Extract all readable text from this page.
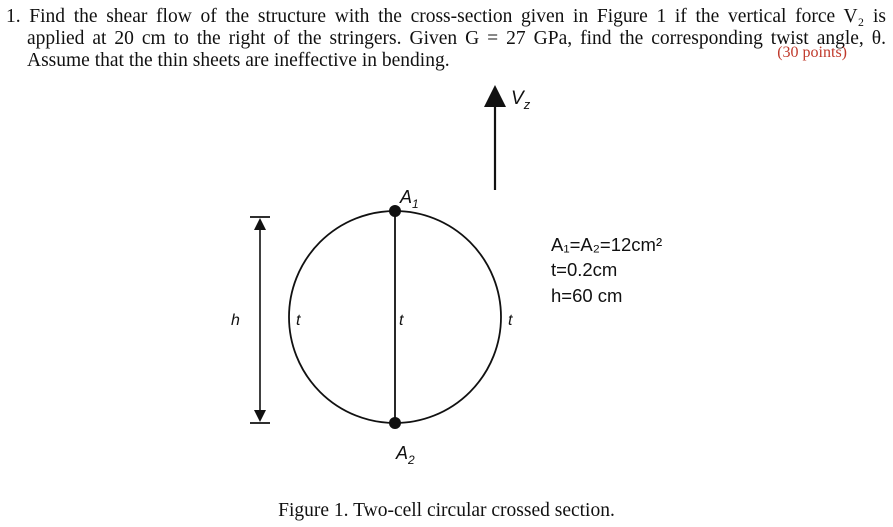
1. Find the shear flow of the structure with the cross-section given in Figure 1 if the vertical force V₂ is
applied at 20 cm to the right of the stringers. Given G = 27 GPa, find the corresponding twist angle, θ.
Assume that the thin sheets are ineffective in bending.	(30 points)
$V_z$
$A_1$
$A_2$
h	t	t	t
A₁=A₂=12cm²
t=0.2cm
h=60 cm
Figure 1. Two-cell circular crossed section.
